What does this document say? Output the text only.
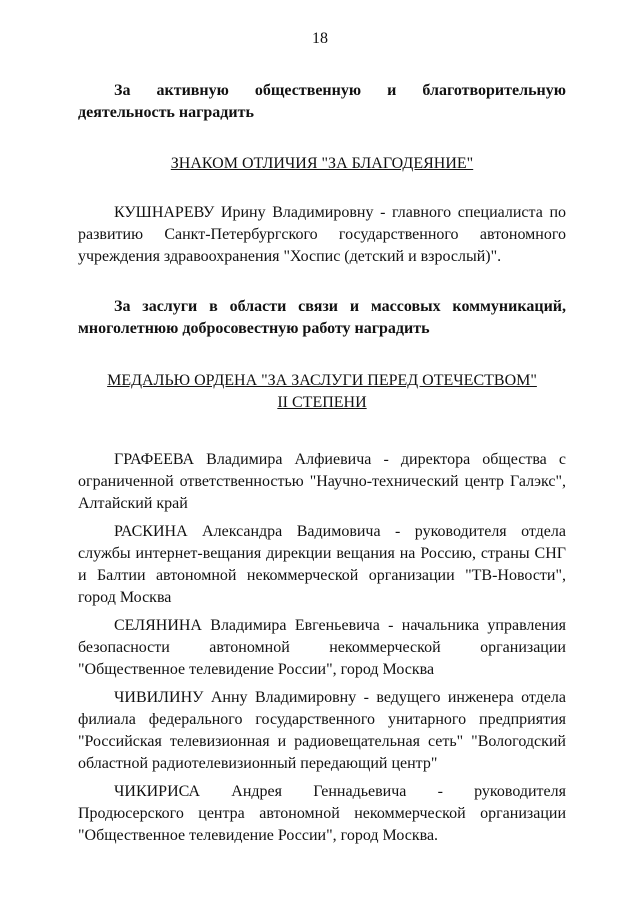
18

За активную общественную и благотворительную деятельность наградить

ЗНАКОМ ОТЛИЧИЯ "ЗА БЛАГОДЕЯНИЕ"

КУШНАРЕВУ Ирину Владимировну - главного специалиста по развитию Санкт-Петербургского государственного автономного учреждения здравоохранения "Хоспис (детский и взрослый)".

За заслуги в области связи и массовых коммуникаций, многолетнюю добросовестную работу наградить

МЕДАЛЬЮ ОРДЕНА "ЗА ЗАСЛУГИ ПЕРЕД ОТЕЧЕСТВОМ"

II СТЕПЕНИ

ГРАФЕЕВА Владимира Алфиевича - директора общества с ограниченной ответственностью "Научно-технический центр Галэкс", Алтайский край

РАСКИНА Александра Вадимовича - руководителя отдела службы интернет-вещания дирекции вещания на Россию, страны СНГ и Балтии автономной некоммерческой организации "ТВ-Новости", город Москва

СЕЛЯНИНА Владимира Евгеньевича - начальника управления безопасности автономной некоммерческой организации "Общественное телевидение России", город Москва

ЧИВИЛИНУ Анну Владимировну - ведущего инженера отдела филиала федерального государственного унитарного предприятия "Российская телевизионная и радиовещательная сеть" "Вологодский областной радиотелевизионный передающий центр"

ЧИКИРИСА Андрея Геннадьевича - руководителя Продюсерского центра автономной некоммерческой организации "Общественное телевидение России", город Москва.
